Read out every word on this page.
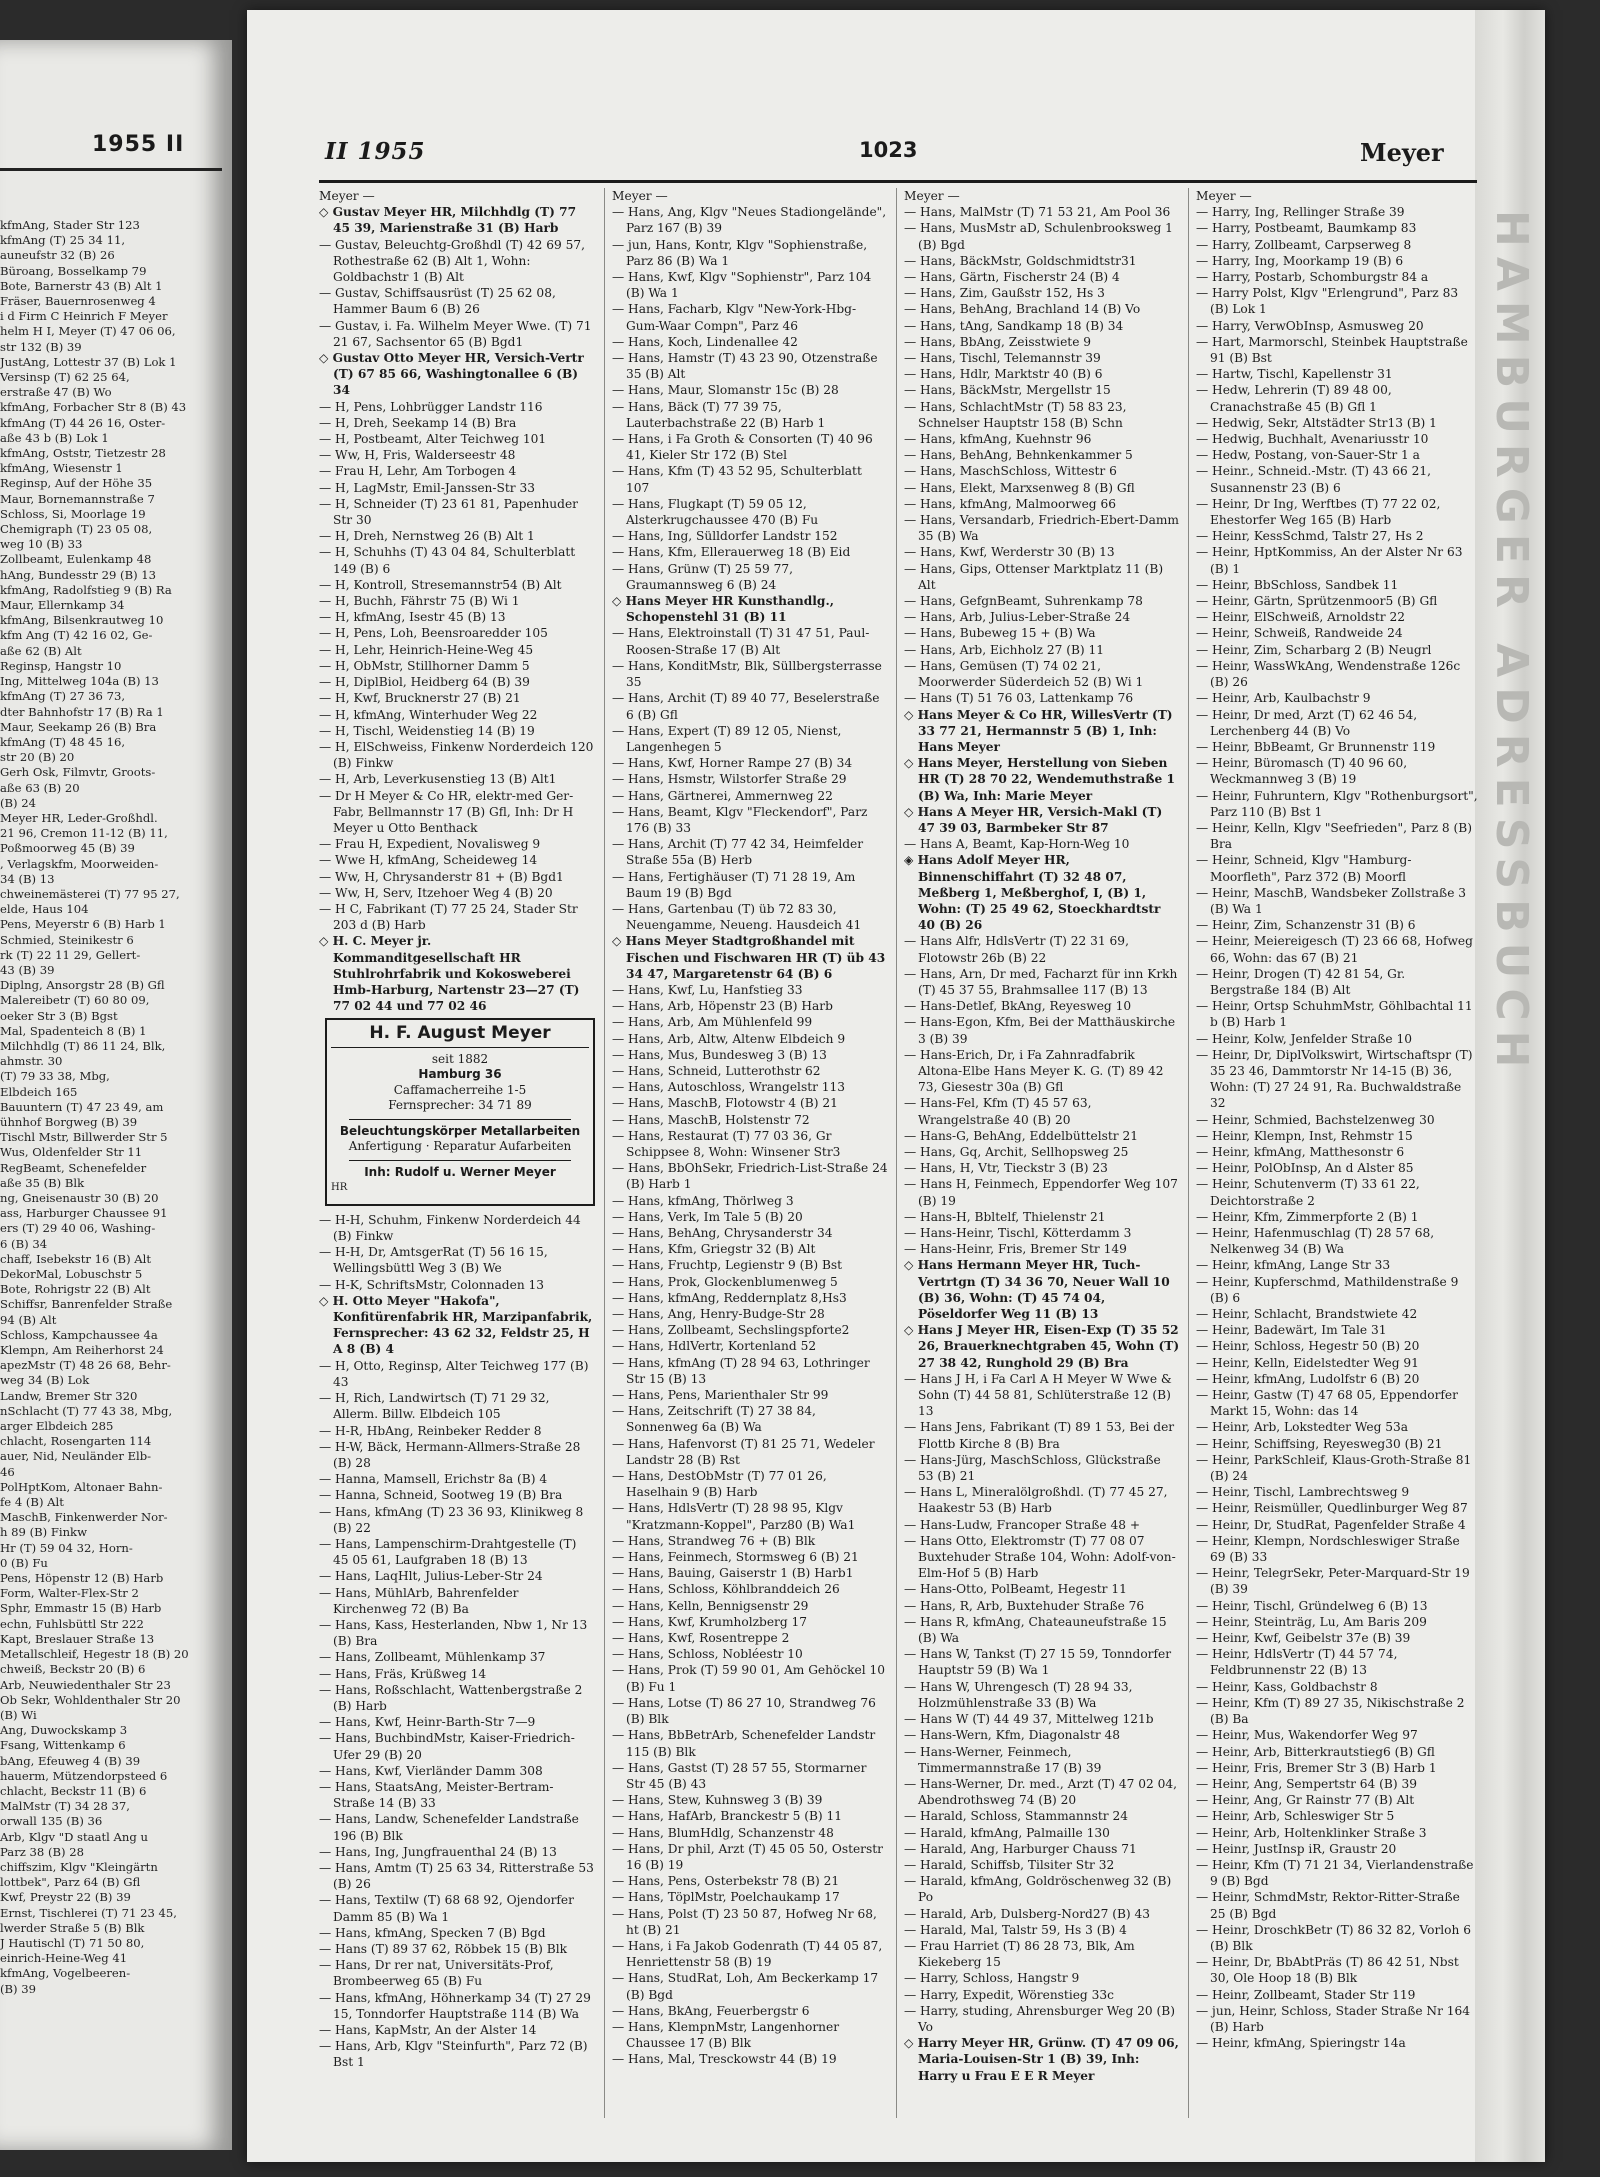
1955 II
kfmAng, Stader Str 123
kfmAng (T) 25 34 11,
auneufstr 32 (B) 26
Büroang, Bosselkamp 79
Bote, Barnerstr 43 (B) Alt 1
Fräser, Bauernrosenweg 4
i d Firm C Heinrich F Meyer
helm H I, Meyer (T) 47 06 06,
str 132 (B) 39
JustAng, Lottestr 37 (B) Lok 1
Versinsp (T) 62 25 64,
erstraße 47 (B) Wo
kfmAng, Forbacher Str 8 (B) 43
kfmAng (T) 44 26 16, Oster-
aße 43 b (B) Lok 1
kfmAng, Oststr, Tietzestr 28
kfmAng, Wiesenstr 1
Reginsp, Auf der Höhe 35
Maur, Bornemannstraße 7
Schloss, Si, Moorlage 19
Chemigraph (T) 23 05 08,
weg 10 (B) 33
Zollbeamt, Eulenkamp 48
hAng, Bundesstr 29 (B) 13
kfmAng, Radolfstieg 9 (B) Ra
Maur, Ellernkamp 34
kfmAng, Bilsenkrautweg 10
kfm Ang (T) 42 16 02, Ge-
aße 62 (B) Alt
Reginsp, Hangstr 10
Ing, Mittelweg 104a (B) 13
kfmAng (T) 27 36 73,
dter Bahnhofstr 17 (B) Ra 1
Maur, Seekamp 26 (B) Bra
kfmAng (T) 48 45 16,
str 20 (B) 20
Gerh Osk, Filmvtr, Groots-
aße 63 (B) 20
(B) 24
Meyer HR, Leder-Großhdl.
21 96, Cremon 11-12 (B) 11,
Poßmoorweg 45 (B) 39
, Verlagskfm, Moorweiden-
34 (B) 13
chweinemästerei (T) 77 95 27,
elde, Haus 104
Pens, Meyerstr 6 (B) Harb 1
Schmied, Steinikestr 6
rk (T) 22 11 29, Gellert-
43 (B) 39
Diplng, Ansorgstr 28 (B) Gfl
Malereibetr (T) 60 80 09,
oeker Str 3 (B) Bgst
Mal, Spadenteich 8 (B) 1
Milchhdlg (T) 86 11 24, Blk,
ahmstr. 30
(T) 79 33 38, Mbg,
Elbdeich 165
Bauuntern (T) 47 23 49, am
ühnhof Borgweg (B) 39
Tischl Mstr, Billwerder Str 5
Wus, Oldenfelder Str 11
RegBeamt, Schenefelder
aße 35 (B) Blk
ng, Gneisenaustr 30 (B) 20
ass, Harburger Chaussee 91
ers (T) 29 40 06, Washing-
6 (B) 34
chaff, Isebekstr 16 (B) Alt
DekorMal, Lobuschstr 5
Bote, Rohrigstr 22 (B) Alt
Schiffsr, Banrenfelder Straße
94 (B) Alt
Schloss, Kampchaussee 4a
Klempn, Am Reiherhorst 24
apezMstr (T) 48 26 68, Behr-
weg 34 (B) Lok
Landw, Bremer Str 320
nSchlacht (T) 77 43 38, Mbg,
arger Elbdeich 285
chlacht, Rosengarten 114
auer, Nid, Neuländer Elb-
46
PolHptKom, Altonaer Bahn-
fe 4 (B) Alt
MaschB, Finkenwerder Nor-
h 89 (B) Finkw
Hr (T) 59 04 32, Horn-
0 (B) Fu
Pens, Höpenstr 12 (B) Harb
Form, Walter-Flex-Str 2
Sphr, Emmastr 15 (B) Harb
echn, Fuhlsbüttl Str 222
Kapt, Breslauer Straße 13
Metallschleif, Hegestr 18 (B) 20
chweiß, Beckstr 20 (B) 6
Arb, Neuwiedenthaler Str 23
Ob Sekr, Wohldenthaler Str 20
(B) Wi
Ang, Duwockskamp 3
Fsang, Wittenkamp 6
bAng, Efeuweg 4 (B) 39
hauerm, Mützendorpsteed 6
chlacht, Beckstr 11 (B) 6
MalMstr (T) 34 28 37,
orwall 135 (B) 36
Arb, Klgv "D staatl Ang u
Parz 38 (B) 28
chiffszim, Klgv "Kleingärtn
lottbek", Parz 64 (B) Gfl
Kwf, Preystr 22 (B) 39
Ernst, Tischlerei (T) 71 23 45,
lwerder Straße 5 (B) Blk
J Hautischl (T) 71 50 80,
einrich-Heine-Weg 41
kfmAng, Vogelbeeren-
(B) 39
HAMBURGER ADRESSBUCH
II 1955	1023	Meyer
Meyer —
◇ Gustav Meyer HR, Milchhdlg (T) 77 45 39, Marienstraße 31 (B) Harb
— Gustav, Beleuchtg-Großhdl (T) 42 69 57, Rothestraße 62 (B) Alt 1, Wohn: Goldbachstr 1 (B) Alt
— Gustav, Schiffsausrüst (T) 25 62 08, Hammer Baum 6 (B) 26
— Gustav, i. Fa. Wilhelm Meyer Wwe. (T) 71 21 67, Sachsentor 65 (B) Bgd1
◇ Gustav Otto Meyer HR, Versich-Vertr (T) 67 85 66, Washingtonallee 6 (B) 34
— H, Pens, Lohbrügger Landstr 116
— H, Dreh, Seekamp 14 (B) Bra
— H, Postbeamt, Alter Teichweg 101
— Ww, H, Fris, Walderseestr 48
— Frau H, Lehr, Am Torbogen 4
— H, LagMstr, Emil-Janssen-Str 33
— H, Schneider (T) 23 61 81, Papenhuder Str 30
— H, Dreh, Nernstweg 26 (B) Alt 1
— H, Schuhhs (T) 43 04 84, Schulterblatt 149 (B) 6
— H, Kontroll, Stresemannstr54 (B) Alt
— H, Buchh, Fährstr 75 (B) Wi 1
— H, kfmAng, Isestr 45 (B) 13
— H, Pens, Loh, Beensroaredder 105
— H, Lehr, Heinrich-Heine-Weg 45
— H, ObMstr, Stillhorner Damm 5
— H, DiplBiol, Heidberg 64 (B) 39
— H, Kwf, Brucknerstr 27 (B) 21
— H, kfmAng, Winterhuder Weg 22
— H, Tischl, Weidenstieg 14 (B) 19
— H, ElSchweiss, Finkenw Norderdeich 120 (B) Finkw
— H, Arb, Leverkusenstieg 13 (B) Alt1
— Dr H Meyer & Co HR, elektr-med Ger-Fabr, Bellmannstr 17 (B) Gfl, Inh: Dr H Meyer u Otto Benthack
— Frau H, Expedient, Novalisweg 9
— Wwe H, kfmAng, Scheideweg 14
— Ww, H, Chrysanderstr 81 + (B) Bgd1
— Ww, H, Serv, Itzehoer Weg 4 (B) 20
— H C, Fabrikant (T) 77 25 24, Stader Str 203 d (B) Harb
◇ H. C. Meyer jr. Kommanditgesellschaft HR Stuhlrohrfabrik und Kokosweberei Hmb-Harburg, Nartenstr 23—27 (T) 77 02 44 und 77 02 46
H. F. August Meyer
seit 1882
Hamburg 36
Caffamacherreihe 1-5
Fernsprecher: 34 71 89
Beleuchtungskörper Metallarbeiten
Anfertigung · Reparatur Aufarbeiten
Inh: Rudolf u. Werner Meyer
HR
— H-H, Schuhm, Finkenw Norderdeich 44 (B) Finkw
— H-H, Dr, AmtsgerRat (T) 56 16 15, Wellingsbüttl Weg 3 (B) We
— H-K, SchriftsMstr, Colonnaden 13
◇ H. Otto Meyer "Hakofa", Konfitürenfabrik HR, Marzipanfabrik, Fernsprecher: 43 62 32, Feldstr 25, H A 8 (B) 4
— H, Otto, Reginsp, Alter Teichweg 177 (B) 43
— H, Rich, Landwirtsch (T) 71 29 32, Allerm. Billw. Elbdeich 105
— H-R, HbAng, Reinbeker Redder 8
— H-W, Bäck, Hermann-Allmers-Straße 28 (B) 28
— Hanna, Mamsell, Erichstr 8a (B) 4
— Hanna, Schneid, Sootweg 19 (B) Bra
— Hans, kfmAng (T) 23 36 93, Klinikweg 8 (B) 22
— Hans, Lampenschirm-Drahtgestelle (T) 45 05 61, Laufgraben 18 (B) 13
— Hans, LaqHlt, Julius-Leber-Str 24
— Hans, MühlArb, Bahrenfelder Kirchenweg 72 (B) Ba
— Hans, Kass, Hesterlanden, Nbw 1, Nr 13 (B) Bra
— Hans, Zollbeamt, Mühlenkamp 37
— Hans, Fräs, Krüßweg 14
— Hans, Roßschlacht, Wattenbergstraße 2 (B) Harb
— Hans, Kwf, Heinr-Barth-Str 7—9
— Hans, BuchbindMstr, Kaiser-Friedrich-Ufer 29 (B) 20
— Hans, Kwf, Vierländer Damm 308
— Hans, StaatsAng, Meister-Bertram-Straße 14 (B) 33
— Hans, Landw, Schenefelder Landstraße 196 (B) Blk
— Hans, Ing, Jungfrauenthal 24 (B) 13
— Hans, Amtm (T) 25 63 34, Ritterstraße 53 (B) 26
— Hans, Textilw (T) 68 68 92, Ojendorfer Damm 85 (B) Wa 1
— Hans, kfmAng, Specken 7 (B) Bgd
— Hans (T) 89 37 62, Röbbek 15 (B) Blk
— Hans, Dr rer nat, Universitäts-Prof, Brombeerweg 65 (B) Fu
— Hans, kfmAng, Höhnerkamp 34 (T) 27 29 15, Tonndorfer Hauptstraße 114 (B) Wa
— Hans, KapMstr, An der Alster 14
— Hans, Arb, Klgv "Steinfurth", Parz 72 (B) Bst 1
Meyer —
— Hans, Ang, Klgv "Neues Stadiongelände", Parz 167 (B) 39
— jun, Hans, Kontr, Klgv "Sophienstraße, Parz 86 (B) Wa 1
— Hans, Kwf, Klgv "Sophienstr", Parz 104 (B) Wa 1
— Hans, Facharb, Klgv "New-York-Hbg-Gum-Waar Compn", Parz 46
— Hans, Koch, Lindenallee 42
— Hans, Hamstr (T) 43 23 90, Otzenstraße 35 (B) Alt
— Hans, Maur, Slomanstr 15c (B) 28
— Hans, Bäck (T) 77 39 75, Lauterbachstraße 22 (B) Harb 1
— Hans, i Fa Groth & Consorten (T) 40 96 41, Kieler Str 172 (B) Stel
— Hans, Kfm (T) 43 52 95, Schulterblatt 107
— Hans, Flugkapt (T) 59 05 12, Alsterkrugchaussee 470 (B) Fu
— Hans, Ing, Sülldorfer Landstr 152
— Hans, Kfm, Ellerauerweg 18 (B) Eid
— Hans, Grünw (T) 25 59 77, Graumannsweg 6 (B) 24
◇ Hans Meyer HR Kunsthandlg., Schopenstehl 31 (B) 11
— Hans, Elektroinstall (T) 31 47 51, Paul-Roosen-Straße 17 (B) Alt
— Hans, KonditMstr, Blk, Süllbergsterrasse 35
— Hans, Archit (T) 89 40 77, Beselerstraße 6 (B) Gfl
— Hans, Expert (T) 89 12 05, Nienst, Langenhegen 5
— Hans, Kwf, Horner Rampe 27 (B) 34
— Hans, Hsmstr, Wilstorfer Straße 29
— Hans, Gärtnerei, Ammernweg 22
— Hans, Beamt, Klgv "Fleckendorf", Parz 176 (B) 33
— Hans, Archit (T) 77 42 34, Heimfelder Straße 55a (B) Herb
— Hans, Fertighäuser (T) 71 28 19, Am Baum 19 (B) Bgd
— Hans, Gartenbau (T) üb 72 83 30, Neuengamme, Neueng. Hausdeich 41
◇ Hans Meyer Stadtgroßhandel mit Fischen und Fischwaren HR (T) üb 43 34 47, Margaretenstr 64 (B) 6
— Hans, Kwf, Lu, Hanfstieg 33
— Hans, Arb, Höpenstr 23 (B) Harb
— Hans, Arb, Am Mühlenfeld 99
— Hans, Arb, Altw, Altenw Elbdeich 9
— Hans, Mus, Bundesweg 3 (B) 13
— Hans, Schneid, Lutterothstr 62
— Hans, Autoschloss, Wrangelstr 113
— Hans, MaschB, Flotowstr 4 (B) 21
— Hans, MaschB, Holstenstr 72
— Hans, Restaurat (T) 77 03 36, Gr Schippsee 8, Wohn: Winsener Str3
— Hans, BbOhSekr, Friedrich-List-Straße 24 (B) Harb 1
— Hans, kfmAng, Thörlweg 3
— Hans, Verk, Im Tale 5 (B) 20
— Hans, BehAng, Chrysanderstr 34
— Hans, Kfm, Griegstr 32 (B) Alt
— Hans, Fruchtp, Legienstr 9 (B) Bst
— Hans, Prok, Glockenblumenweg 5
— Hans, kfmAng, Reddernplatz 8,Hs3
— Hans, Ang, Henry-Budge-Str 28
— Hans, Zollbeamt, Sechslingspforte2
— Hans, HdlVertr, Kortenland 52
— Hans, kfmAng (T) 28 94 63, Lothringer Str 15 (B) 13
— Hans, Pens, Marienthaler Str 99
— Hans, Zeitschrift (T) 27 38 84, Sonnenweg 6a (B) Wa
— Hans, Hafenvorst (T) 81 25 71, Wedeler Landstr 28 (B) Rst
— Hans, DestObMstr (T) 77 01 26, Haselhain 9 (B) Harb
— Hans, HdlsVertr (T) 28 98 95, Klgv "Kratzmann-Koppel", Parz80 (B) Wa1
— Hans, Strandweg 76 + (B) Blk
— Hans, Feinmech, Stormsweg 6 (B) 21
— Hans, Bauing, Gaiserstr 1 (B) Harb1
— Hans, Schloss, Köhlbranddeich 26
— Hans, Kelln, Bennigsenstr 29
— Hans, Kwf, Krumholzberg 17
— Hans, Kwf, Rosentreppe 2
— Hans, Schloss, Nobléestr 10
— Hans, Prok (T) 59 90 01, Am Gehöckel 10 (B) Fu 1
— Hans, Lotse (T) 86 27 10, Strandweg 76 (B) Blk
— Hans, BbBetrArb, Schenefelder Landstr 115 (B) Blk
— Hans, Gastst (T) 28 57 55, Stormarner Str 45 (B) 43
— Hans, Stew, Kuhnsweg 3 (B) 39
— Hans, HafArb, Branckestr 5 (B) 11
— Hans, BlumHdlg, Schanzenstr 48
— Hans, Dr phil, Arzt (T) 45 05 50, Osterstr 16 (B) 19
— Hans, Pens, Osterbekstr 78 (B) 21
— Hans, TöplMstr, Poelchaukamp 17
— Hans, Polst (T) 23 50 87, Hofweg Nr 68, ht (B) 21
— Hans, i Fa Jakob Godenrath (T) 44 05 87, Henriettenstr 58 (B) 19
— Hans, StudRat, Loh, Am Beckerkamp 17 (B) Bgd
— Hans, BkAng, Feuerbergstr 6
— Hans, KlempnMstr, Langenhorner Chaussee 17 (B) Blk
— Hans, Mal, Tresckowstr 44 (B) 19
Meyer —
— Hans, MalMstr (T) 71 53 21, Am Pool 36
— Hans, MusMstr aD, Schulenbrooksweg 1 (B) Bgd
— Hans, BäckMstr, Goldschmidtstr31
— Hans, Gärtn, Fischerstr 24 (B) 4
— Hans, Zim, Gaußstr 152, Hs 3
— Hans, BehAng, Brachland 14 (B) Vo
— Hans, tAng, Sandkamp 18 (B) 34
— Hans, BbAng, Zeisstwiete 9
— Hans, Tischl, Telemannstr 39
— Hans, Hdlr, Marktstr 40 (B) 6
— Hans, BäckMstr, Mergellstr 15
— Hans, SchlachtMstr (T) 58 83 23, Schnelser Hauptstr 158 (B) Schn
— Hans, kfmAng, Kuehnstr 96
— Hans, BehAng, Behnkenkammer 5
— Hans, MaschSchloss, Wittestr 6
— Hans, Elekt, Marxsenweg 8 (B) Gfl
— Hans, kfmAng, Malmoorweg 66
— Hans, Versandarb, Friedrich-Ebert-Damm 35 (B) Wa
— Hans, Kwf, Werderstr 30 (B) 13
— Hans, Gips, Ottenser Marktplatz 11 (B) Alt
— Hans, GefgnBeamt, Suhrenkamp 78
— Hans, Arb, Julius-Leber-Straße 24
— Hans, Bubeweg 15 + (B) Wa
— Hans, Arb, Eichholz 27 (B) 11
— Hans, Gemüsen (T) 74 02 21, Moorwerder Süderdeich 52 (B) Wi 1
— Hans (T) 51 76 03, Lattenkamp 76
◇ Hans Meyer & Co HR, WillesVertr (T) 33 77 21, Hermannstr 5 (B) 1, Inh: Hans Meyer
◇ Hans Meyer, Herstellung von Sieben HR (T) 28 70 22, Wendemuthstraße 1 (B) Wa, Inh: Marie Meyer
◇ Hans A Meyer HR, Versich-Makl (T) 47 39 03, Barmbeker Str 87
— Hans A, Beamt, Kap-Horn-Weg 10
◈ Hans Adolf Meyer HR, Binnenschiffahrt (T) 32 48 07, Meßberg 1, Meßberghof, I, (B) 1, Wohn: (T) 25 49 62, Stoeckhardtstr 40 (B) 26
— Hans Alfr, HdlsVertr (T) 22 31 69, Flotowstr 26b (B) 22
— Hans, Arn, Dr med, Facharzt für inn Krkh (T) 45 37 55, Brahmsallee 117 (B) 13
— Hans-Detlef, BkAng, Reyesweg 10
— Hans-Egon, Kfm, Bei der Matthäuskirche 3 (B) 39
— Hans-Erich, Dr, i Fa Zahnradfabrik Altona-Elbe Hans Meyer K. G. (T) 89 42 73, Giesestr 30a (B) Gfl
— Hans-Fel, Kfm (T) 45 57 63, Wrangelstraße 40 (B) 20
— Hans-G, BehAng, Eddelbüttelstr 21
— Hans, Gq, Archit, Sellhopsweg 25
— Hans, H, Vtr, Tieckstr 3 (B) 23
— Hans H, Feinmech, Eppendorfer Weg 107 (B) 19
— Hans-H, Bbltelf, Thielenstr 21
— Hans-Heinr, Tischl, Kötterdamm 3
— Hans-Heinr, Fris, Bremer Str 149
◇ Hans Hermann Meyer HR, Tuch-Vertrtgn (T) 34 36 70, Neuer Wall 10 (B) 36, Wohn: (T) 45 74 04, Pöseldorfer Weg 11 (B) 13
◇ Hans J Meyer HR, Eisen-Exp (T) 35 52 26, Brauerknechtgraben 45, Wohn (T) 27 38 42, Runghold 29 (B) Bra
— Hans J H, i Fa Carl A H Meyer W Wwe & Sohn (T) 44 58 81, Schlüterstraße 12 (B) 13
— Hans Jens, Fabrikant (T) 89 1 53, Bei der Flottb Kirche 8 (B) Bra
— Hans-Jürg, MaschSchloss, Glückstraße 53 (B) 21
— Hans L, Mineralölgroßhdl. (T) 77 45 27, Haakestr 53 (B) Harb
— Hans-Ludw, Francoper Straße 48 +
— Hans Otto, Elektromstr (T) 77 08 07 Buxtehuder Straße 104, Wohn: Adolf-von-Elm-Hof 5 (B) Harb
— Hans-Otto, PolBeamt, Hegestr 11
— Hans, R, Arb, Buxtehuder Straße 76
— Hans R, kfmAng, Chateauneufstraße 15 (B) Wa
— Hans W, Tankst (T) 27 15 59, Tonndorfer Hauptstr 59 (B) Wa 1
— Hans W, Uhrengesch (T) 28 94 33, Holzmühlenstraße 33 (B) Wa
— Hans W (T) 44 49 37, Mittelweg 121b
— Hans-Wern, Kfm, Diagonalstr 48
— Hans-Werner, Feinmech, Timmermannstraße 17 (B) 39
— Hans-Werner, Dr. med., Arzt (T) 47 02 04, Abendrothsweg 74 (B) 20
— Harald, Schloss, Stammannstr 24
— Harald, kfmAng, Palmaille 130
— Harald, Ang, Harburger Chauss 71
— Harald, Schiffsb, Tilsiter Str 32
— Harald, kfmAng, Goldröschenweg 32 (B) Po
— Harald, Arb, Dulsberg-Nord27 (B) 43
— Harald, Mal, Talstr 59, Hs 3 (B) 4
— Frau Harriet (T) 86 28 73, Blk, Am Kiekeberg 15
— Harry, Schloss, Hangstr 9
— Harry, Expedit, Wörenstieg 33c
— Harry, studing, Ahrensburger Weg 20 (B) Vo
◇ Harry Meyer HR, Grünw. (T) 47 09 06, Maria-Louisen-Str 1 (B) 39, Inh: Harry u Frau E E R Meyer
Meyer —
— Harry, Ing, Rellinger Straße 39
— Harry, Postbeamt, Baumkamp 83
— Harry, Zollbeamt, Carpserweg 8
— Harry, Ing, Moorkamp 19 (B) 6
— Harry, Postarb, Schomburgstr 84 a
— Harry Polst, Klgv "Erlengrund", Parz 83 (B) Lok 1
— Harry, VerwObInsp, Asmusweg 20
— Hart, Marmorschl, Steinbek Hauptstraße 91 (B) Bst
— Hartw, Tischl, Kapellenstr 31
— Hedw, Lehrerin (T) 89 48 00, Cranachstraße 45 (B) Gfl 1
— Hedwig, Sekr, Altstädter Str13 (B) 1
— Hedwig, Buchhalt, Avenariusstr 10
— Hedw, Postang, von-Sauer-Str 1 a
— Heinr., Schneid.-Mstr. (T) 43 66 21, Susannenstr 23 (B) 6
— Heinr, Dr Ing, Werftbes (T) 77 22 02, Ehestorfer Weg 165 (B) Harb
— Heinr, KessSchmd, Talstr 27, Hs 2
— Heinr, HptKommiss, An der Alster Nr 63 (B) 1
— Heinr, BbSchloss, Sandbek 11
— Heinr, Gärtn, Sprützenmoor5 (B) Gfl
— Heinr, ElSchweiß, Arnoldstr 22
— Heinr, Schweiß, Randweide 24
— Heinr, Zim, Scharbarg 2 (B) Neugrl
— Heinr, WassWkAng, Wendenstraße 126c (B) 26
— Heinr, Arb, Kaulbachstr 9
— Heinr, Dr med, Arzt (T) 62 46 54, Lerchenberg 44 (B) Vo
— Heinr, BbBeamt, Gr Brunnenstr 119
— Heinr, Büromasch (T) 40 96 60, Weckmannweg 3 (B) 19
— Heinr, Fuhruntern, Klgv "Rothenburgsort", Parz 110 (B) Bst 1
— Heinr, Kelln, Klgv "Seefrieden", Parz 8 (B) Bra
— Heinr, Schneid, Klgv "Hamburg-Moorfleth", Parz 372 (B) Moorfl
— Heinr, MaschB, Wandsbeker Zollstraße 3 (B) Wa 1
— Heinr, Zim, Schanzenstr 31 (B) 6
— Heinr, Meiereigesch (T) 23 66 68, Hofweg 66, Wohn: das 67 (B) 21
— Heinr, Drogen (T) 42 81 54, Gr. Bergstraße 184 (B) Alt
— Heinr, Ortsp SchuhmMstr, Göhlbachtal 11 b (B) Harb 1
— Heinr, Kolw, Jenfelder Straße 10
— Heinr, Dr, DiplVolkswirt, Wirtschaftspr (T) 35 23 46, Dammtorstr Nr 14-15 (B) 36, Wohn: (T) 27 24 91, Ra. Buchwaldstraße 32
— Heinr, Schmied, Bachstelzenweg 30
— Heinr, Klempn, Inst, Rehmstr 15
— Heinr, kfmAng, Matthesonstr 6
— Heinr, PolObInsp, An d Alster 85
— Heinr, Schutenverm (T) 33 61 22, Deichtorstraße 2
— Heinr, Kfm, Zimmerpforte 2 (B) 1
— Heinr, Hafenmuschlag (T) 28 57 68, Nelkenweg 34 (B) Wa
— Heinr, kfmAng, Lange Str 33
— Heinr, Kupferschmd, Mathildenstraße 9 (B) 6
— Heinr, Schlacht, Brandstwiete 42
— Heinr, Badewärt, Im Tale 31
— Heinr, Schloss, Hegestr 50 (B) 20
— Heinr, Kelln, Eidelstedter Weg 91
— Heinr, kfmAng, Ludolfstr 6 (B) 20
— Heinr, Gastw (T) 47 68 05, Eppendorfer Markt 15, Wohn: das 14
— Heinr, Arb, Lokstedter Weg 53a
— Heinr, Schiffsing, Reyesweg30 (B) 21
— Heinr, ParkSchleif, Klaus-Groth-Straße 81 (B) 24
— Heinr, Tischl, Lambrechtsweg 9
— Heinr, Reismüller, Quedlinburger Weg 87
— Heinr, Dr, StudRat, Pagenfelder Straße 4
— Heinr, Klempn, Nordschleswiger Straße 69 (B) 33
— Heinr, TelegrSekr, Peter-Marquard-Str 19 (B) 39
— Heinr, Tischl, Gründelweg 6 (B) 13
— Heinr, Steinträg, Lu, Am Baris 209
— Heinr, Kwf, Geibelstr 37e (B) 39
— Heinr, HdlsVertr (T) 44 57 74, Feldbrunnenstr 22 (B) 13
— Heinr, Kass, Goldbachstr 8
— Heinr, Kfm (T) 89 27 35, Nikischstraße 2 (B) Ba
— Heinr, Mus, Wakendorfer Weg 97
— Heinr, Arb, Bitterkrautstieg6 (B) Gfl
— Heinr, Fris, Bremer Str 3 (B) Harb 1
— Heinr, Ang, Sempertstr 64 (B) 39
— Heinr, Ang, Gr Rainstr 77 (B) Alt
— Heinr, Arb, Schleswiger Str 5
— Heinr, Arb, Holtenklinker Straße 3
— Heinr, JustInsp iR, Graustr 20
— Heinr, Kfm (T) 71 21 34, Vierlandenstraße 9 (B) Bgd
— Heinr, SchmdMstr, Rektor-Ritter-Straße 25 (B) Bgd
— Heinr, DroschkBetr (T) 86 32 82, Vorloh 6 (B) Blk
— Heinr, Dr, BbAbtPräs (T) 86 42 51, Nbst 30, Ole Hoop 18 (B) Blk
— Heinr, Zollbeamt, Stader Str 119
— jun, Heinr, Schloss, Stader Straße Nr 164 (B) Harb
— Heinr, kfmAng, Spieringstr 14a
